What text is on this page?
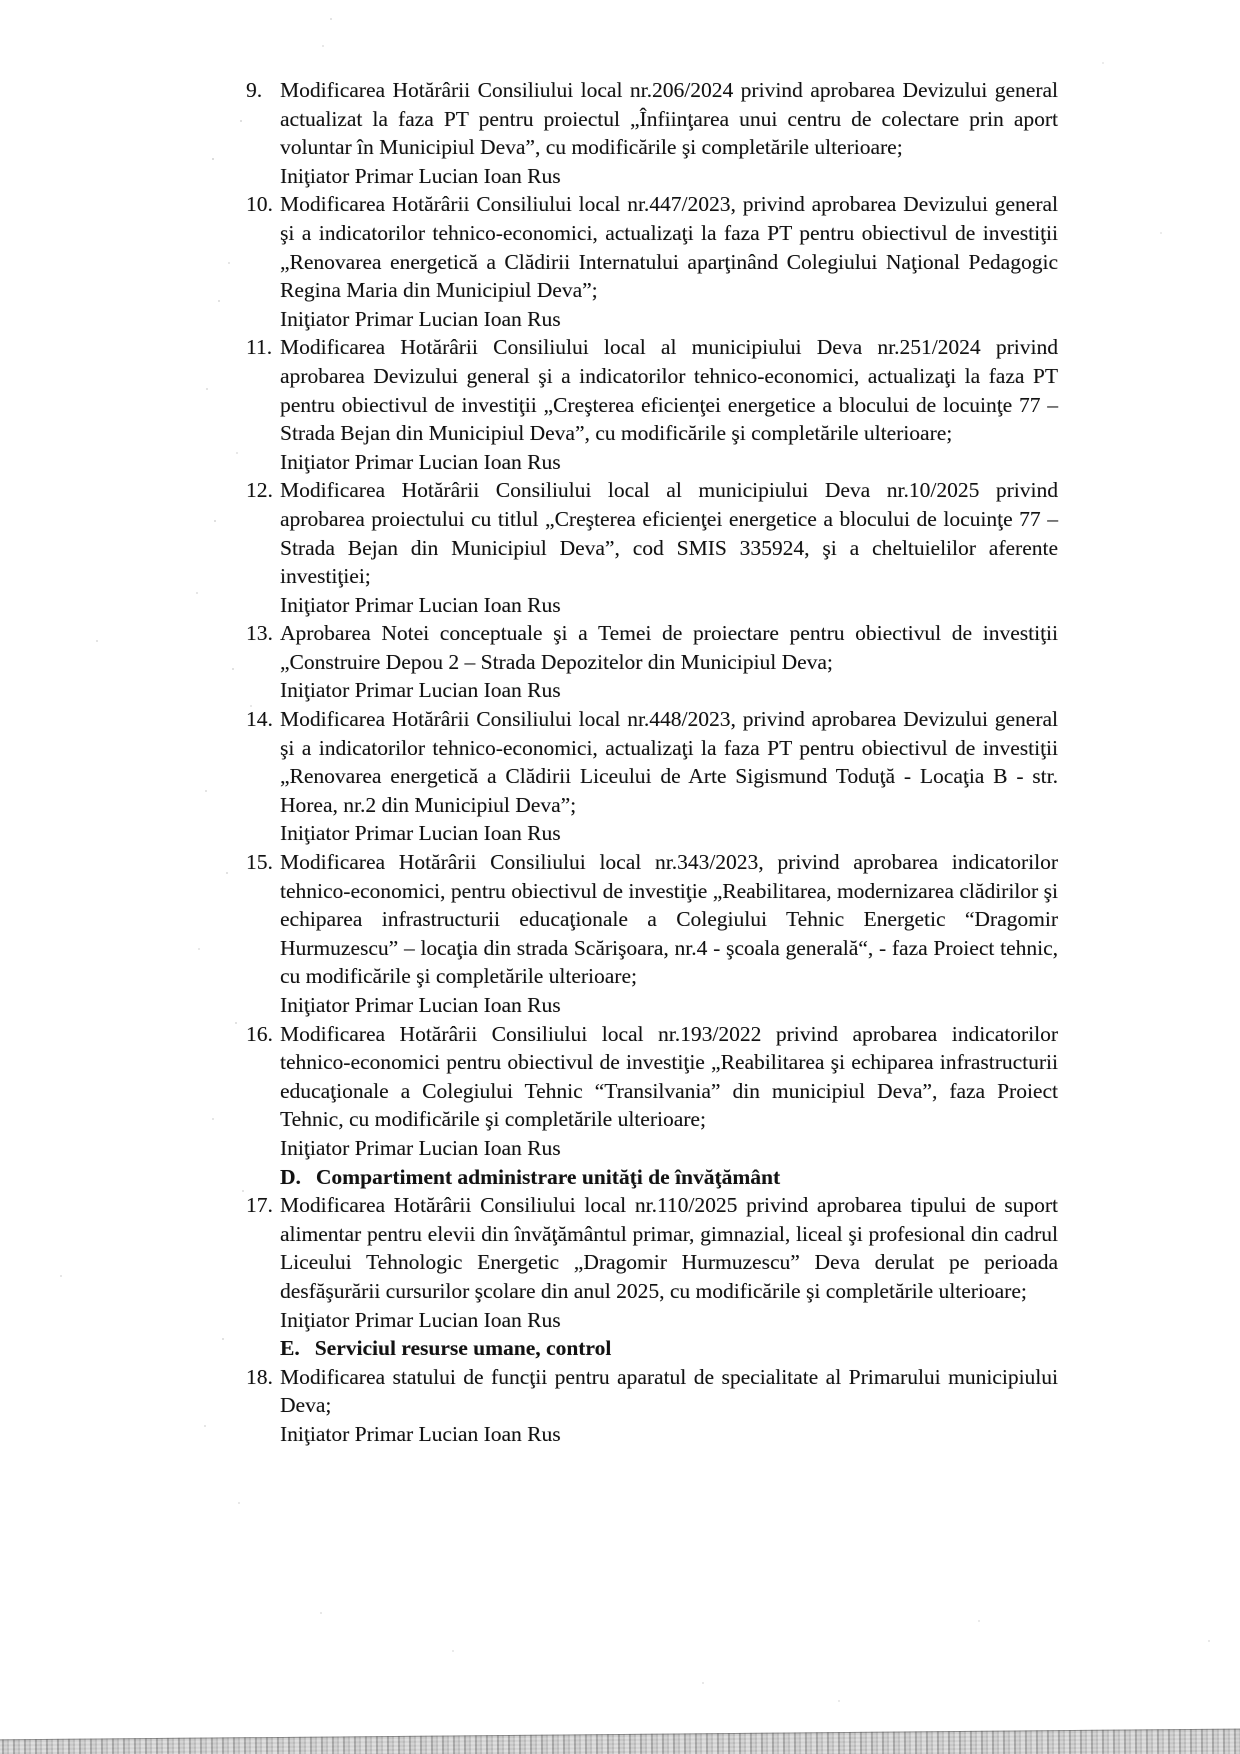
9. Modificarea Hotărârii Consiliului local nr.206/2024 privind aprobarea Devizului general actualizat la faza PT pentru proiectul „Înfiinţarea unui centru de colectare prin aport voluntar în Municipiul Deva”, cu modificările şi completările ulterioare;

Iniţiator Primar Lucian Ioan Rus

10. Modificarea Hotărârii Consiliului local nr.447/2023, privind aprobarea Devizului general şi a indicatorilor tehnico-economici, actualizaţi la faza PT pentru obiectivul de investiţii „Renovarea energetică a Clădirii Internatului aparţinând Colegiului Naţional Pedagogic Regina Maria din Municipiul Deva”;

Iniţiator Primar Lucian Ioan Rus

11. Modificarea Hotărârii Consiliului local al municipiului Deva nr.251/2024 privind aprobarea Devizului general şi a indicatorilor tehnico-economici, actualizaţi la faza PT pentru obiectivul de investiţii „Creşterea eficienţei energetice a blocului de locuinţe 77 – Strada Bejan din Municipiul Deva”, cu modificările şi completările ulterioare;

Iniţiator Primar Lucian Ioan Rus

12. Modificarea Hotărârii Consiliului local al municipiului Deva nr.10/2025 privind aprobarea proiectului cu titlul „Creşterea eficienţei energetice a blocului de locuinţe 77 – Strada Bejan din Municipiul Deva”, cod SMIS 335924, şi a cheltuielilor aferente investiţiei;

Iniţiator Primar Lucian Ioan Rus

13. Aprobarea Notei conceptuale şi a Temei de proiectare pentru obiectivul de investiţii „Construire Depou 2 – Strada Depozitelor din Municipiul Deva;

Iniţiator Primar Lucian Ioan Rus

14. Modificarea Hotărârii Consiliului local nr.448/2023, privind aprobarea Devizului general şi a indicatorilor tehnico-economici, actualizaţi la faza PT pentru obiectivul de investiţii „Renovarea energetică a Clădirii Liceului de Arte Sigismund Toduţă - Locaţia B - str. Horea, nr.2 din Municipiul Deva”;

Iniţiator Primar Lucian Ioan Rus

15. Modificarea Hotărârii Consiliului local nr.343/2023, privind aprobarea indicatorilor tehnico-economici, pentru obiectivul de investiţie „Reabilitarea, modernizarea clădirilor şi echiparea infrastructurii educaţionale a Colegiului Tehnic Energetic “Dragomir Hurmuzescu” – locaţia din strada Scărişoara, nr.4 - şcoala generală“, - faza Proiect tehnic, cu modificările şi completările ulterioare;

Iniţiator Primar Lucian Ioan Rus

16. Modificarea Hotărârii Consiliului local nr.193/2022 privind aprobarea indicatorilor tehnico-economici pentru obiectivul de investiţie „Reabilitarea şi echiparea infrastructurii educaţionale a Colegiului Tehnic “Transilvania” din municipiul Deva”, faza Proiect Tehnic, cu modificările şi completările ulterioare;

Iniţiator Primar Lucian Ioan Rus

D. Compartiment administrare unităţi de învăţământ

17. Modificarea Hotărârii Consiliului local nr.110/2025 privind aprobarea tipului de suport alimentar pentru elevii din învăţământul primar, gimnazial, liceal şi profesional din cadrul Liceului Tehnologic Energetic „Dragomir Hurmuzescu” Deva derulat pe perioada desfăşurării cursurilor şcolare din anul 2025, cu modificările şi completările ulterioare;

Iniţiator Primar Lucian Ioan Rus

E. Serviciul resurse umane, control

18. Modificarea statului de funcţii pentru aparatul de specialitate al Primarului municipiului Deva;

Iniţiator Primar Lucian Ioan Rus
